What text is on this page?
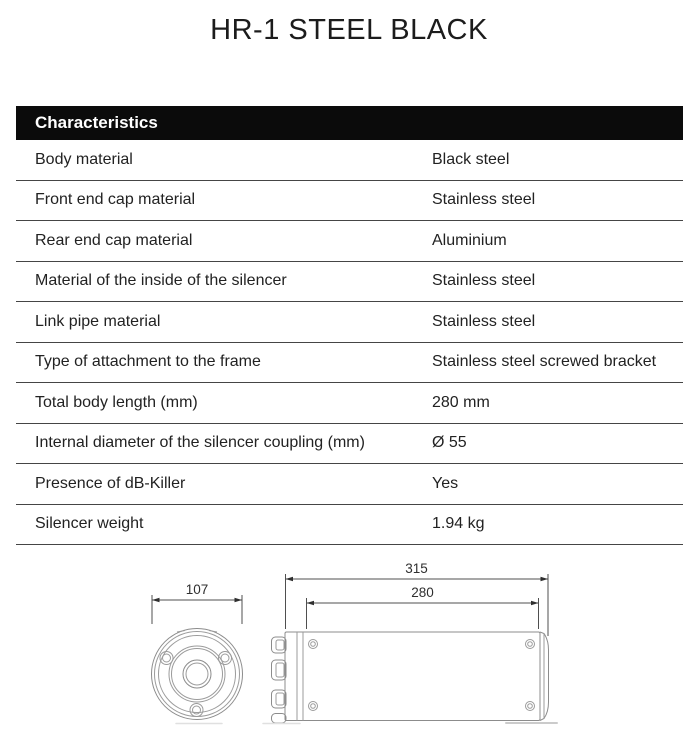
HR-1 STEEL BLACK
Characteristics
Body material	Black steel
Front end cap material	Stainless steel
Rear end cap material	Aluminium
Material of the inside of the silencer	Stainless steel
Link pipe material	Stainless steel
Type of attachment to the frame	Stainless steel screwed bracket
Total body length (mm)	280 mm
Internal diameter of the silencer coupling (mm)	Ø 55
Presence of dB-Killer	Yes
Silencer weight	1.94 kg
107
315
280
